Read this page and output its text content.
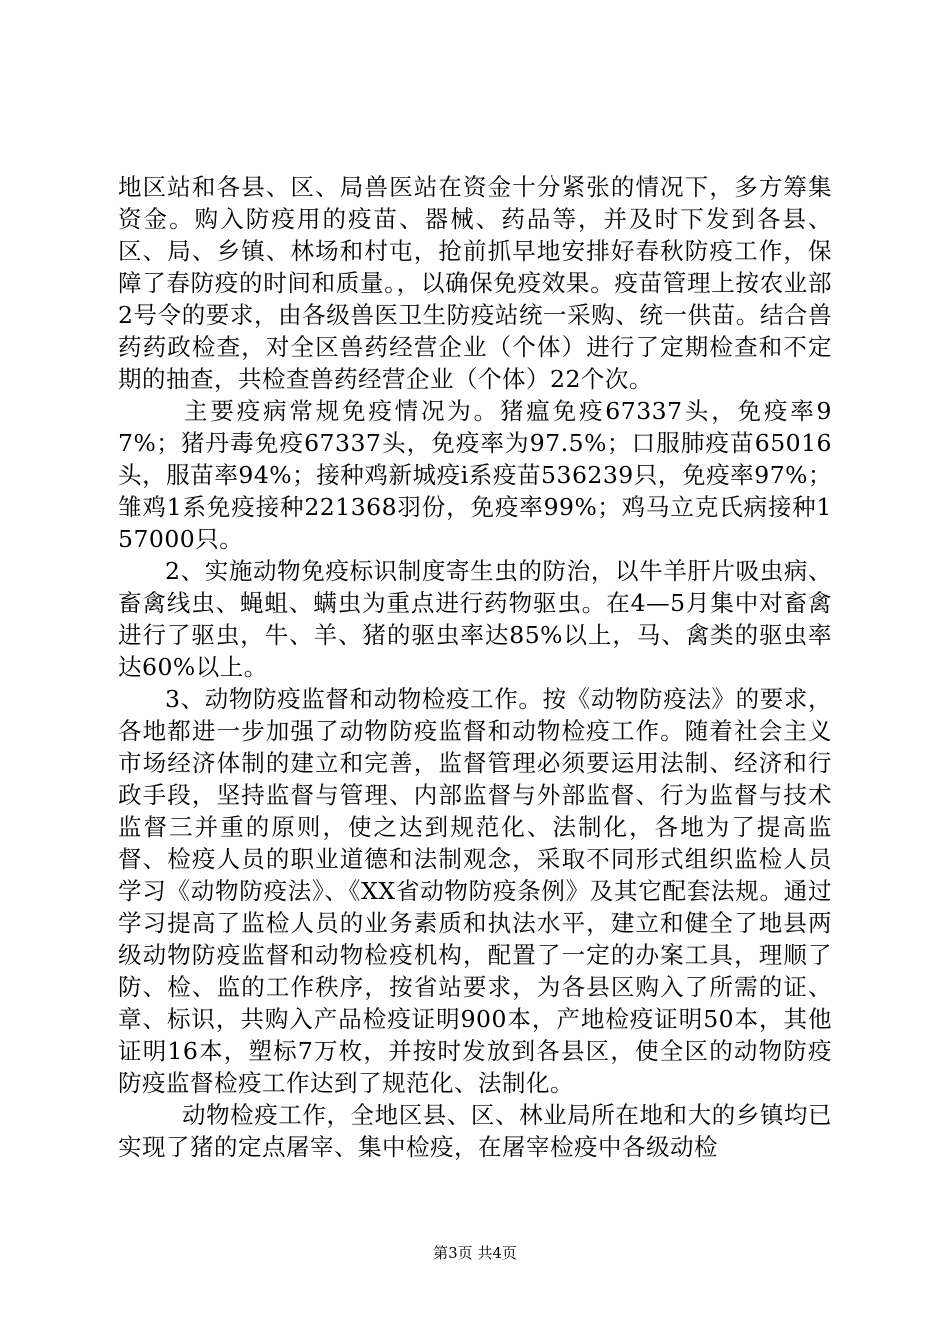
地区站和各县、区、局兽医站在资金十分紧张的情况下，多方筹集资金。购入防疫用的疫苗、器械、药品等，并及时下发到各县、区、局、乡镇、林场和村屯，抢前抓早地安排好春秋防疫工作，保障了春防疫的时间和质量。，以确保免疫效果。疫苗管理上按农业部2号令的要求，由各级兽医卫生防疫站统一采购、统一供苗。结合兽药药政检查，对全区兽药经营企业（个体）进行了定期检查和不定期的抽查，共检查兽药经营企业（个体）22个次。

主要疫病常规免疫情况为。猪瘟免疫67337头，免疫率97%；猪丹毒免疫67337头，免疫率为97.5%；口服肺疫苗65016头，服苗率94%；接种鸡新城疫i系疫苗536239只，免疫率97%；雏鸡1系免疫接种221368羽份，免疫率99%；鸡马立克氏病接种157000只。

2、实施动物免疫标识制度寄生虫的防治，以牛羊肝片吸虫病、畜禽线虫、蝇蛆、螨虫为重点进行药物驱虫。在4—5月集中对畜禽进行了驱虫，牛、羊、猪的驱虫率达85%以上，马、禽类的驱虫率达60%以上。

3、动物防疫监督和动物检疫工作。按《动物防疫法》的要求，各地都进一步加强了动物防疫监督和动物检疫工作。随着社会主义市场经济体制的建立和完善，监督管理必须要运用法制、经济和行政手段，坚持监督与管理、内部监督与外部监督、行为监督与技术监督三并重的原则，使之达到规范化、法制化，各地为了提高监督、检疫人员的职业道德和法制观念，采取不同形式组织监检人员学习《动物防疫法》、《XX省动物防疫条例》及其它配套法规。通过学习提高了监检人员的业务素质和执法水平，建立和健全了地县两级动物防疫监督和动物检疫机构，配置了一定的办案工具，理顺了防、检、监的工作秩序，按省站要求，为各县区购入了所需的证、章、标识，共购入产品检疫证明900本，产地检疫证明50本，其他证明16本，塑标7万枚，并按时发放到各县区，使全区的动物防疫防疫监督检疫工作达到了规范化、法制化。

动物检疫工作，全地区县、区、林业局所在地和大的乡镇均已实现了猪的定点屠宰、集中检疫，在屠宰检疫中各级动检

第3页 共4页
